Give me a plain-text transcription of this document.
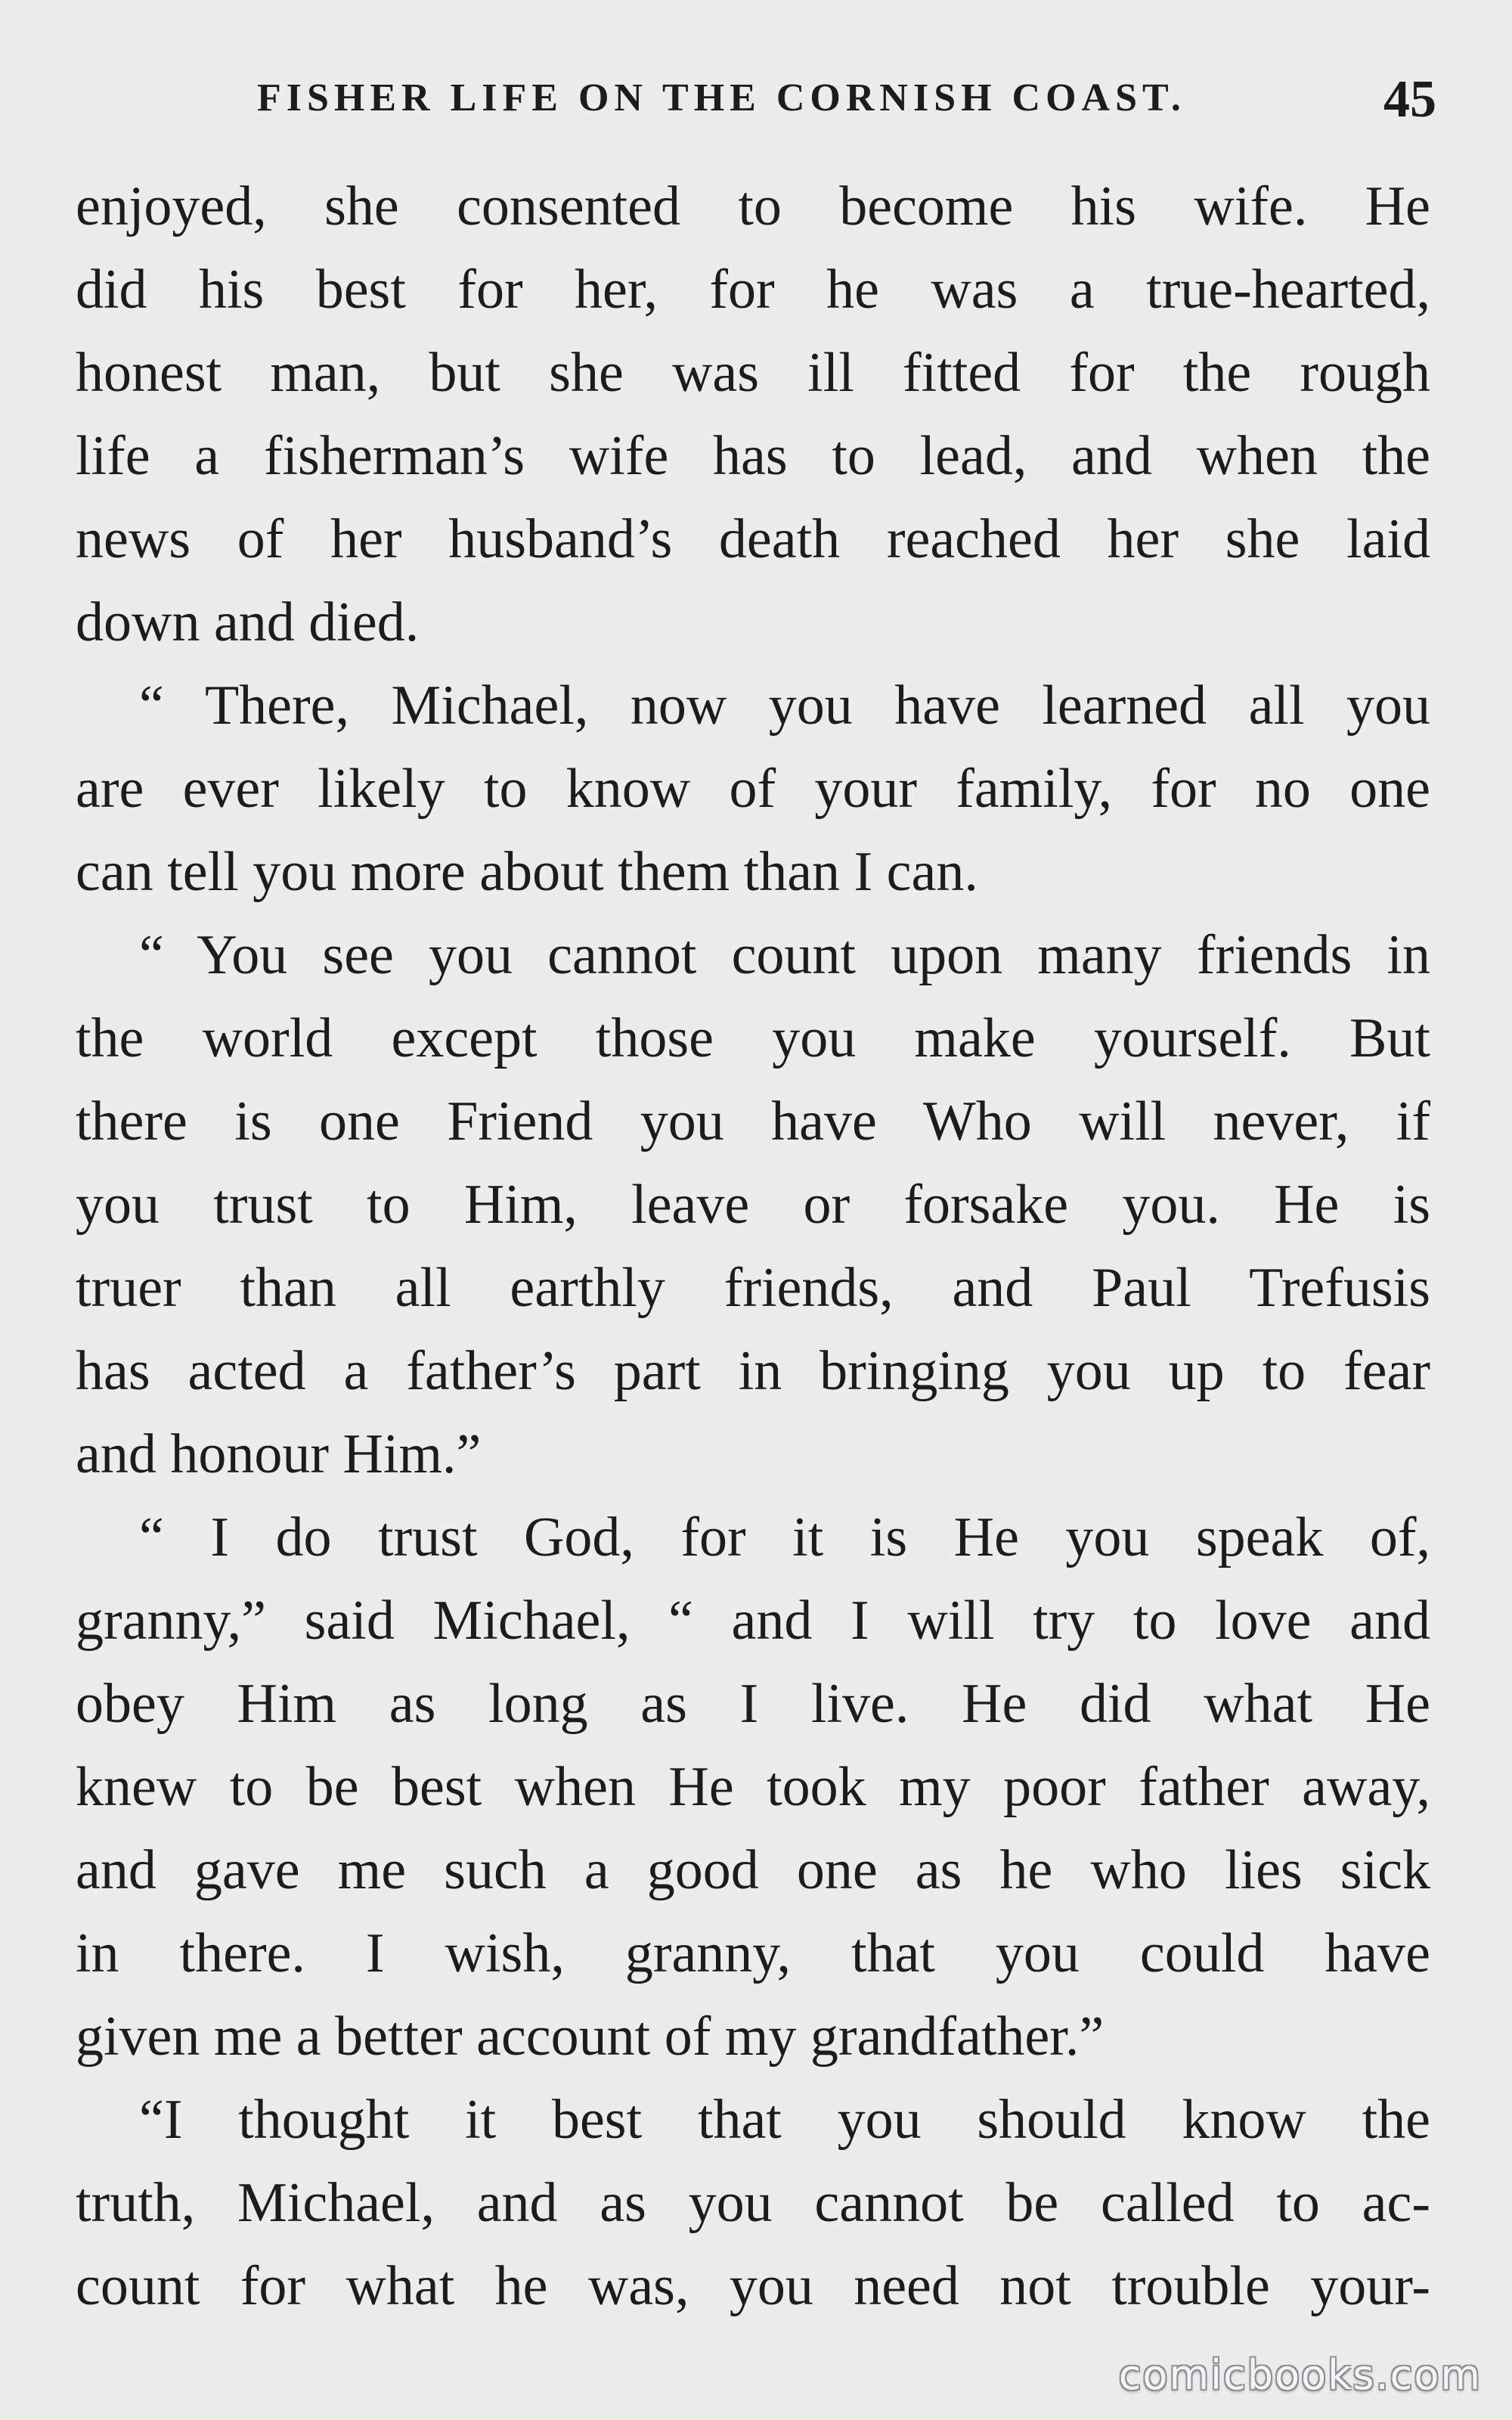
FISHER LIFE ON THE CORNISH COAST.	45
enjoyed, she consented to become his wife. He
did his best for her, for he was a true-hearted,
honest man, but she was ill fitted for the rough
life a fisherman’s wife has to lead, and when the
news of her husband’s death reached her she laid
down and died.
“ There, Michael, now you have learned all you
are ever likely to know of your family, for no one
can tell you more about them than I can.
“ You see you cannot count upon many friends in
the world except those you make yourself. But
there is one Friend you have Who will never, if
you trust to Him, leave or forsake you. He is
truer than all earthly friends, and Paul Trefusis
has acted a father’s part in bringing you up to fear
and honour Him.”
“ I do trust God, for it is He you speak of,
granny,” said Michael, “ and I will try to love and
obey Him as long as I live. He did what He
knew to be best when He took my poor father away,
and gave me such a good one as he who lies sick
in there. I wish, granny, that you could have
given me a better account of my grandfather.”
“I thought it best that you should know the
truth, Michael, and as you cannot be called to ac-
count for what he was, you need not trouble your-
comicbooks.com
